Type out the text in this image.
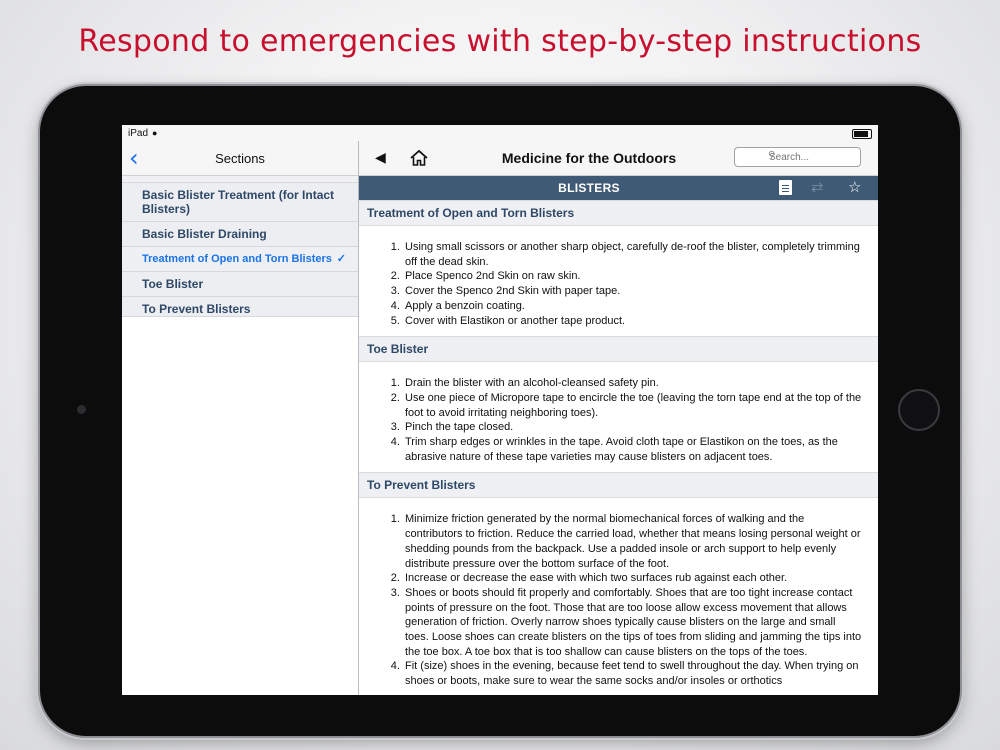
Respond to emergencies with step-by-step instructions
iPad ●
‹	Sections
Basic Blister Treatment (for Intact Blisters)
Basic Blister Draining
Treatment of Open and Torn Blisters ✓
Toe Blister
To Prevent Blisters
◀	Medicine for the Outdoors
Search...	⚲
BLISTERS	⇄ ☆
Treatment of Open and Torn Blisters
1. Using small scissors or another sharp object, carefully de-roof the blister, completely trimming off the dead skin.
2. Place Spenco 2nd Skin on raw skin.
3. Cover the Spenco 2nd Skin with paper tape.
4. Apply a benzoin coating.
5. Cover with Elastikon or another tape product.
Toe Blister
1. Drain the blister with an alcohol-cleansed safety pin.
2. Use one piece of Micropore tape to encircle the toe (leaving the torn tape end at the top of the foot to avoid irritating neighboring toes).
3. Pinch the tape closed.
4. Trim sharp edges or wrinkles in the tape. Avoid cloth tape or Elastikon on the toes, as the abrasive nature of these tape varieties may cause blisters on adjacent toes.
To Prevent Blisters
1. Minimize friction generated by the normal biomechanical forces of walking and the contributors to friction. Reduce the carried load, whether that means losing personal weight or shedding pounds from the backpack. Use a padded insole or arch support to help evenly distribute pressure over the bottom surface of the foot.
2. Increase or decrease the ease with which two surfaces rub against each other.
3. Shoes or boots should fit properly and comfortably. Shoes that are too tight increase contact points of pressure on the foot. Those that are too loose allow excess movement that allows generation of friction. Overly narrow shoes typically cause blisters on the large and small toes. Loose shoes can create blisters on the tips of toes from sliding and jamming the tips into the toe box. A toe box that is too shallow can cause blisters on the tops of the toes.
4. Fit (size) shoes in the evening, because feet tend to swell throughout the day. When trying on shoes or boots, make sure to wear the same socks and/or insoles or orthotics
